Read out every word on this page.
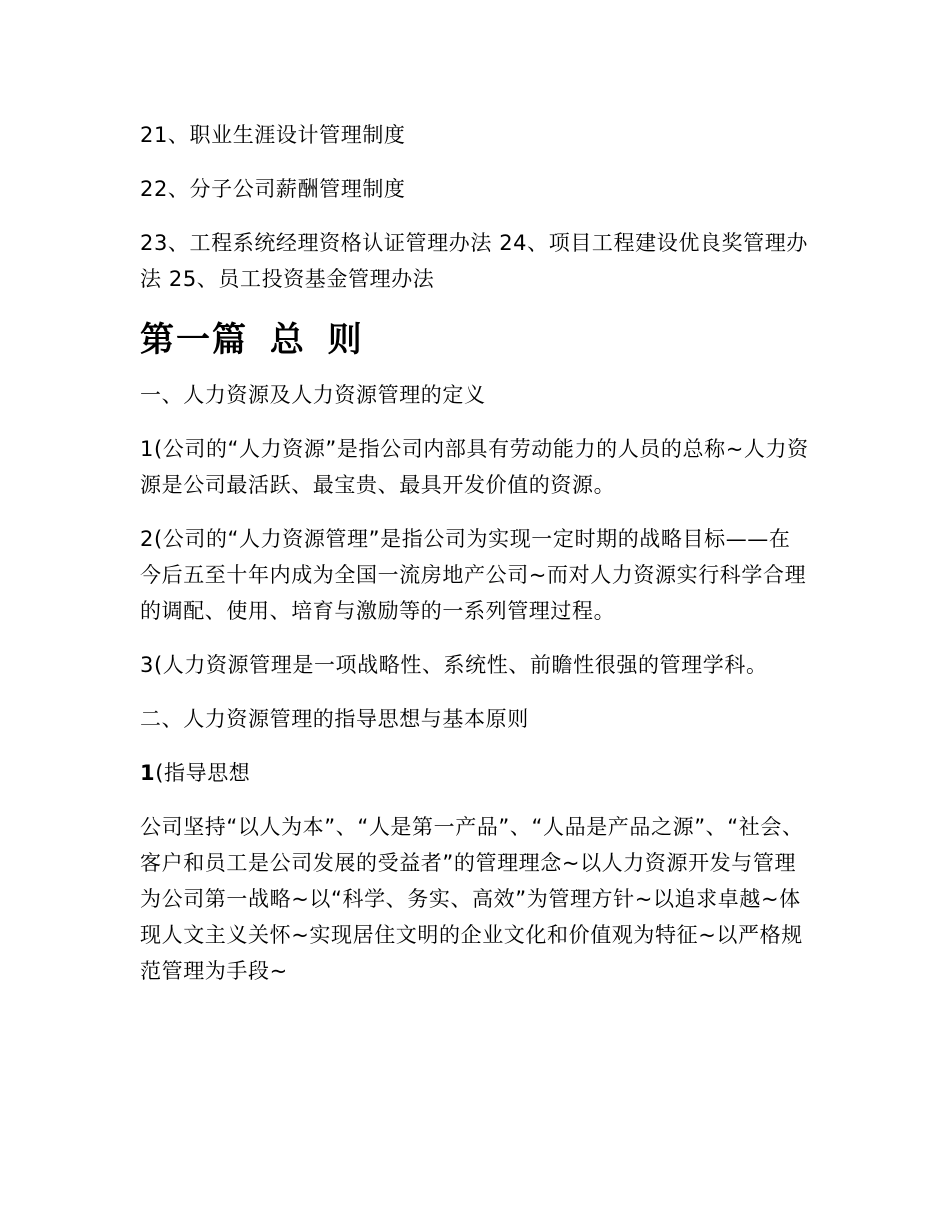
21、职业生涯设计管理制度

22、分子公司薪酬管理制度

23、工程系统经理资格认证管理办法 24、项目工程建设优良奖管理办法 25、员工投资基金管理办法

第一篇 总 则

一、人力资源及人力资源管理的定义

1(公司的“人力资源”是指公司内部具有劳动能力的人员的总称~人力资源是公司最活跃、最宝贵、最具开发价值的资源。

2(公司的“人力资源管理”是指公司为实现一定时期的战略目标——在今后五至十年内成为全国一流房地产公司~而对人力资源实行科学合理的调配、使用、培育与激励等的一系列管理过程。

3(人力资源管理是一项战略性、系统性、前瞻性很强的管理学科。

二、人力资源管理的指导思想与基本原则

1(指导思想

公司坚持“以人为本”、“人是第一产品”、“人品是产品之源”、“社会、客户和员工是公司发展的受益者”的管理理念~以人力资源开发与管理为公司第一战略~以“科学、务实、高效”为管理方针~以追求卓越~体现人文主义关怀~实现居住文明的企业文化和价值观为特征~以严格规范管理为手段~
